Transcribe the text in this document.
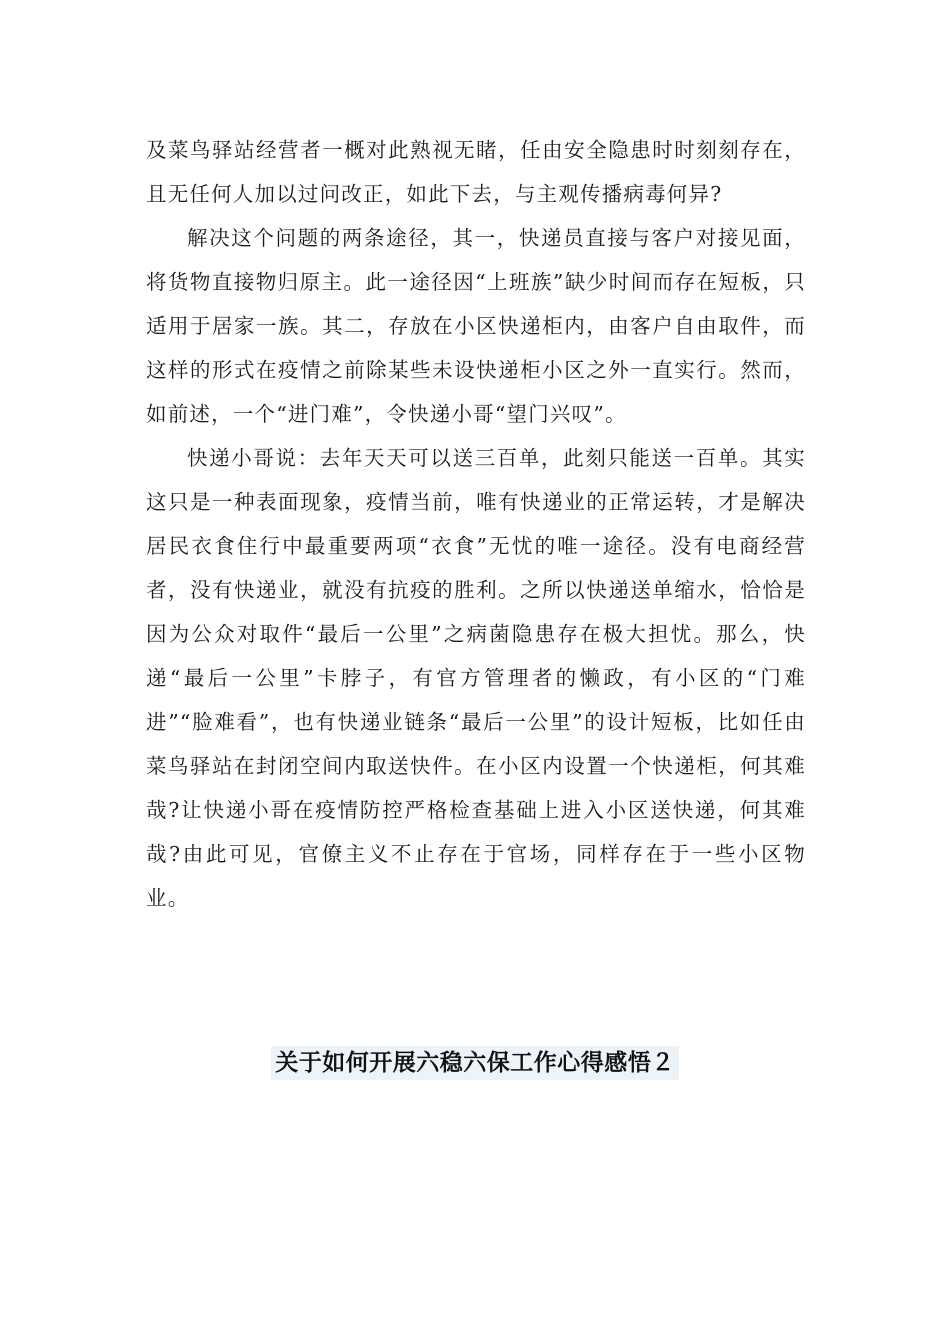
及菜鸟驿站经营者一概对此熟视无睹，任由安全隐患时时刻刻存在，且无任何人加以过问改正，如此下去，与主观传播病毒何异?

解决这个问题的两条途径，其一，快递员直接与客户对接见面，将货物直接物归原主。此一途径因“上班族”缺少时间而存在短板，只适用于居家一族。其二，存放在小区快递柜内，由客户自由取件，而这样的形式在疫情之前除某些未设快递柜小区之外一直实行。然而，如前述，一个“进门难”，令快递小哥“望门兴叹”。

快递小哥说：去年天天可以送三百单，此刻只能送一百单。其实这只是一种表面现象，疫情当前，唯有快递业的正常运转，才是解决居民衣食住行中最重要两项“衣食”无忧的唯一途径。没有电商经营者，没有快递业，就没有抗疫的胜利。之所以快递送单缩水，恰恰是因为公众对取件“最后一公里”之病菌隐患存在极大担忧。那么，快递“最后一公里”卡脖子，有官方管理者的懒政，有小区的“门难进”“脸难看”，也有快递业链条“最后一公里”的设计短板，比如任由菜鸟驿站在封闭空间内取送快件。在小区内设置一个快递柜，何其难哉?让快递小哥在疫情防控严格检查基础上进入小区送快递，何其难哉?由此可见，官僚主义不止存在于官场，同样存在于一些小区物业。

关于如何开展六稳六保工作心得感悟２
